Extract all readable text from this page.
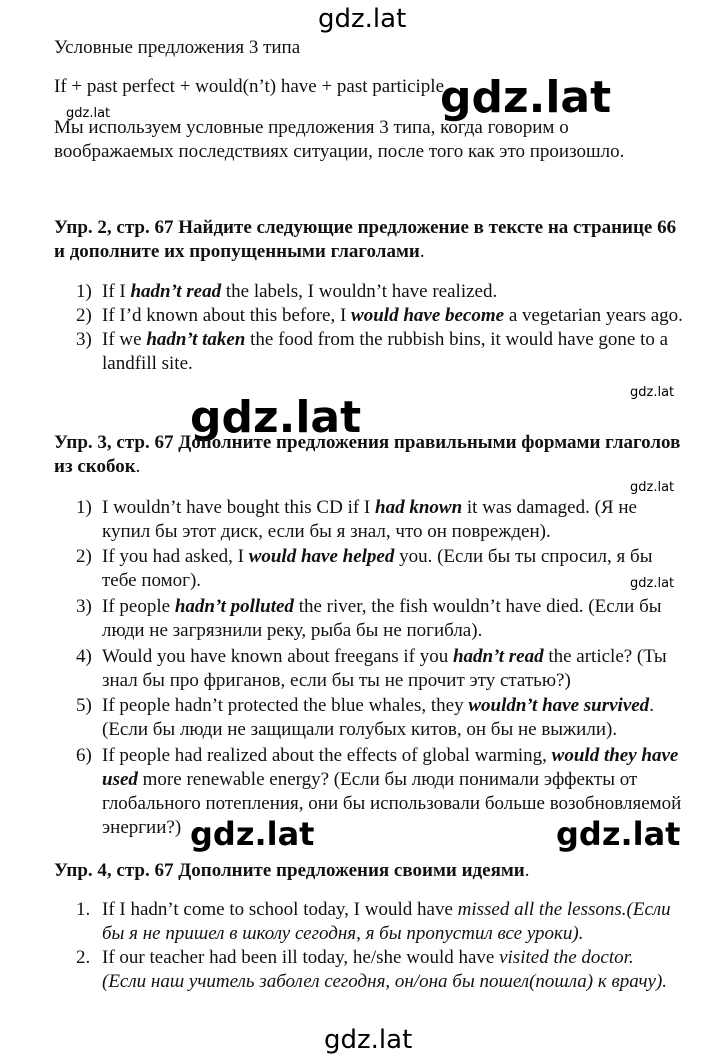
gdz.lat
gdz.lat
gdz.lat
gdz.lat
gdz.lat
gdz.lat
gdz.lat
gdz.lat	gdz.lat
gdz.lat
Условные предложения 3 типа
If + past perfect + would(n’t) have + past participle
Мы используем условные предложения 3 типа, когда говорим о
воображаемых последствиях ситуации, после того как это произошло.
Упр. 2, стр. 67 Найдите следующие предложение в тексте на странице 66
и дополните их пропущенными глаголами.
1) If I hadn’t read the labels, I wouldn’t have realized.
2) If I’d known about this before, I would have become a vegetarian years ago.
3) If we hadn’t taken the food from the rubbish bins, it would have gone to a landfill site.
Упр. 3, стр. 67 Дополните предложения правильными формами глаголов
из скобок.
1) I wouldn’t have bought this CD if I had known it was damaged. (Я не купил бы этот диск, если бы я знал, что он поврежден).
2) If you had asked, I would have helped you. (Если бы ты спросил, я бы тебе помог).
3) If people hadn’t polluted the river, the fish wouldn’t have died. (Если бы люди не загрязнили реку, рыба бы не погибла).
4) Would you have known about freegans if you hadn’t read the article? (Ты знал бы про фриганов, если бы ты не прочит эту статью?)
5) If people hadn’t protected the blue whales, they wouldn’t have survived. (Если бы люди не защищали голубых китов, он бы не выжили).
6) If people had realized about the effects of global warming, would they have used more renewable energy? (Если бы люди понимали эффекты от глобального потепления, они бы использовали больше возобновляемой энергии?)
Упр. 4, стр. 67 Дополните предложения своими идеями.
1. If I hadn’t come to school today, I would have missed all the lessons.(Если бы я не пришел в школу сегодня, я бы пропустил все уроки).
2. If our teacher had been ill today, he/she would have visited the doctor.(Если наш учитель заболел сегодня, он/она бы пошел(пошла) к врачу).
